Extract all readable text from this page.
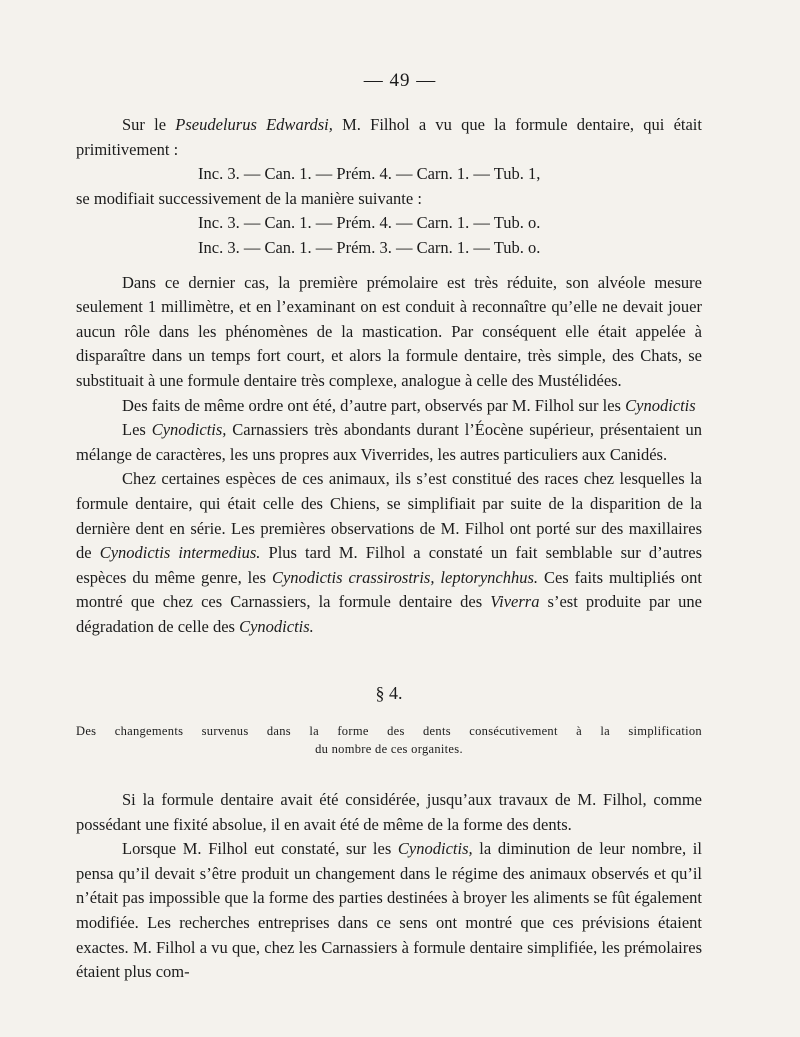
— 49 —

Sur le Pseudelurus Edwardsi, M. Filhol a vu que la formule dentaire, qui était primitivement :

Inc. 3. — Can. 1. — Prém. 4. — Carn. 1. — Tub. 1,

se modifiait successivement de la manière suivante :

Inc. 3. — Can. 1. — Prém. 4. — Carn. 1. — Tub. o.
Inc. 3. — Can. 1. — Prém. 3. — Carn. 1. — Tub. o.

Dans ce dernier cas, la première prémolaire est très réduite, son alvéole mesure seulement 1 millimètre, et en l’examinant on est conduit à reconnaître qu’elle ne devait jouer aucun rôle dans les phénomènes de la mastication. Par conséquent elle était appelée à disparaître dans un temps fort court, et alors la formule dentaire, très simple, des Chats, se substituait à une formule dentaire très complexe, analogue à celle des Mustélidées.

Des faits de même ordre ont été, d’autre part, observés par M. Filhol sur les Cynodictis

Les Cynodictis, Carnassiers très abondants durant l’Éocène supérieur, présentaient un mélange de caractères, les uns propres aux Viverrides, les autres particuliers aux Canidés.

Chez certaines espèces de ces animaux, ils s’est constitué des races chez lesquelles la formule dentaire, qui était celle des Chiens, se simplifiait par suite de la disparition de la dernière dent en série. Les premières observations de M. Filhol ont porté sur des maxillaires de Cynodictis intermedius. Plus tard M. Filhol a constaté un fait semblable sur d’autres espèces du même genre, les Cynodictis crassirostris, leptorynchhus. Ces faits multipliés ont montré que chez ces Carnassiers, la formule dentaire des Viverra s’est produite par une dégradation de celle des Cynodictis.

§ 4.
Des changements survenus dans la forme des dents consécutivement à la simplification
du nombre de ces organites.

Si la formule dentaire avait été considérée, jusqu’aux travaux de M. Filhol, comme possédant une fixité absolue, il en avait été de même de la forme des dents.

Lorsque M. Filhol eut constaté, sur les Cynodictis, la diminution de leur nombre, il pensa qu’il devait s’être produit un changement dans le régime des animaux observés et qu’il n’était pas impossible que la forme des parties destinées à broyer les aliments se fût également modifiée. Les recherches entreprises dans ce sens ont montré que ces prévisions étaient exactes. M. Filhol a vu que, chez les Carnassiers à formule dentaire simplifiée, les prémolaires étaient plus com-
